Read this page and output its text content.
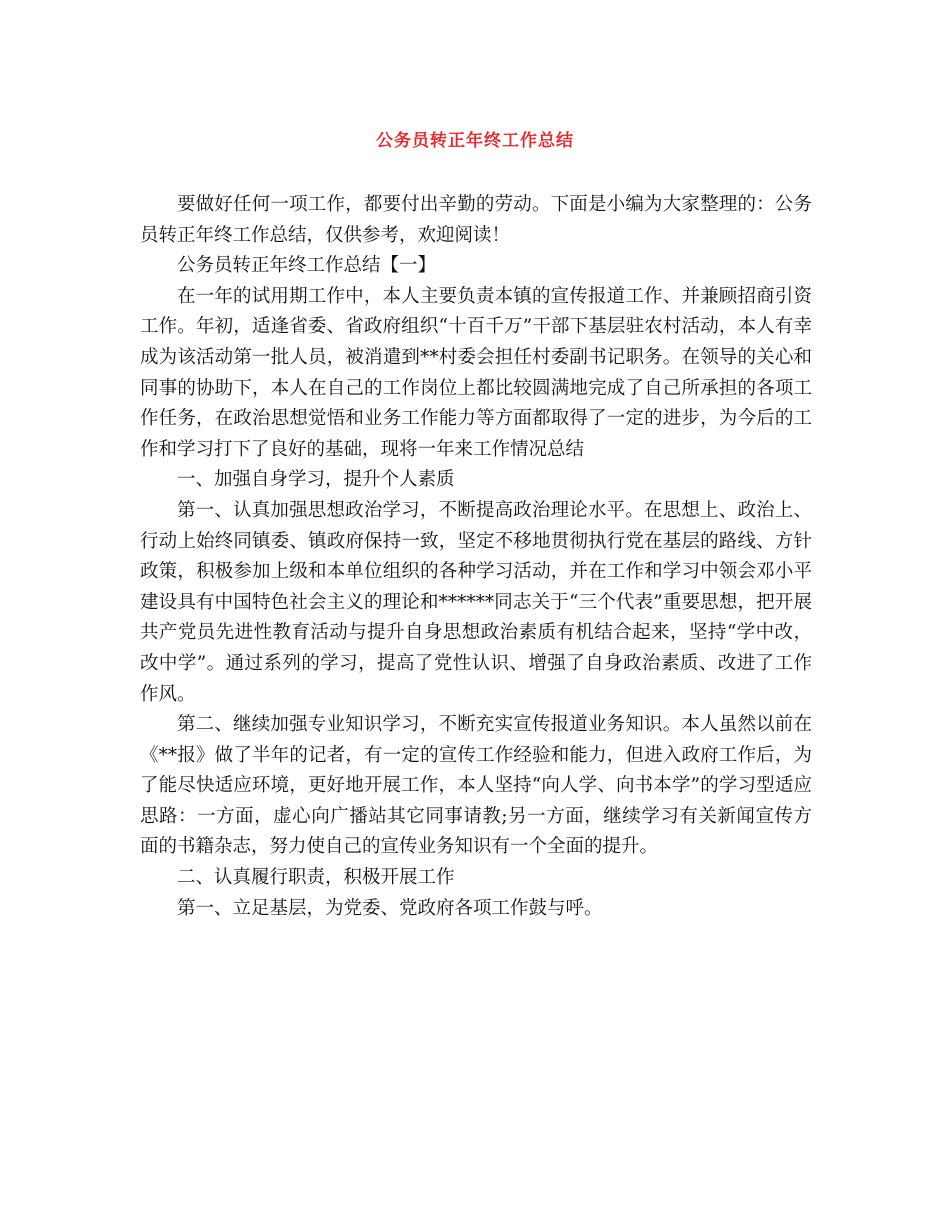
公务员转正年终工作总结

要做好任何一项工作，都要付出辛勤的劳动。下面是小编为大家整理的：公务员转正年终工作总结，仅供参考，欢迎阅读！

公务员转正年终工作总结【一】

在一年的试用期工作中，本人主要负责本镇的宣传报道工作、并兼顾招商引资工作。年初，适逢省委、省政府组织“十百千万”干部下基层驻农村活动，本人有幸成为该活动第一批人员，被消遣到**村委会担任村委副书记职务。在领导的关心和同事的协助下，本人在自己的工作岗位上都比较圆满地完成了自己所承担的各项工作任务，在政治思想觉悟和业务工作能力等方面都取得了一定的进步，为今后的工作和学习打下了良好的基础，现将一年来工作情况总结

一、加强自身学习，提升个人素质

第一、认真加强思想政治学习，不断提高政治理论水平。在思想上、政治上、行动上始终同镇委、镇政府保持一致，坚定不移地贯彻执行党在基层的路线、方针政策，积极参加上级和本单位组织的各种学习活动，并在工作和学习中领会邓小平建设具有中国特色社会主义的理论和******同志关于“三个代表”重要思想，把开展共产党员先进性教育活动与提升自身思想政治素质有机结合起来，坚持“学中改，改中学”。通过系列的学习，提高了党性认识、增强了自身政治素质、改进了工作作风。

第二、继续加强专业知识学习，不断充实宣传报道业务知识。本人虽然以前在《**报》做了半年的记者，有一定的宣传工作经验和能力，但进入政府工作后，为了能尽快适应环境，更好地开展工作，本人坚持“向人学、向书本学”的学习型适应思路：一方面，虚心向广播站其它同事请教;另一方面，继续学习有关新闻宣传方面的书籍杂志，努力使自己的宣传业务知识有一个全面的提升。

二、认真履行职责，积极开展工作

第一、立足基层，为党委、党政府各项工作鼓与呼。
